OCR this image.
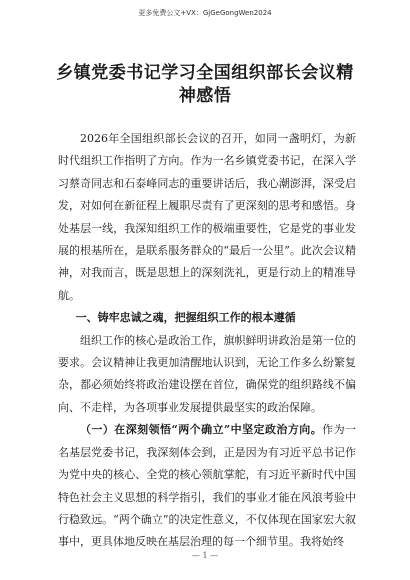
更多免费公文+VX：GjGeGongWen2024
乡镇党委书记学习全国组织部长会议精神感悟

2026年全国组织部长会议的召开，如同一盏明灯，为新时代组织工作指明了方向。作为一名乡镇党委书记，在深入学习蔡奇同志和石泰峰同志的重要讲话后，我心潮澎湃，深受启发，对如何在新征程上履职尽责有了更深刻的思考和感悟。身处基层一线，我深知组织工作的极端重要性，它是党的事业发展的根基所在，是联系服务群众的“最后一公里”。此次会议精神，对我而言，既是思想上的深刻洗礼，更是行动上的精准导航。

一、铸牢忠诚之魂，把握组织工作的根本遵循

组织工作的核心是政治工作，旗帜鲜明讲政治是第一位的要求。会议精神让我更加清醒地认识到，无论工作多么纷繁复杂，都必须始终将政治建设摆在首位，确保党的组织路线不偏向、不走样，为各项事业发展提供最坚实的政治保障。

（一）在深刻领悟“两个确立”中坚定政治方向。作为一名基层党委书记，我深刻体会到，正是因为有习近平总书记作为党中央的核心、全党的核心领航掌舵，有习近平新时代中国特色社会主义思想的科学指引，我们的事业才能在风浪考验中行稳致远。“两个确立”的决定性意义，不仅体现在国家宏大叙事中，更具体地反映在基层治理的每一个细节里。我将始终

— 1 —
